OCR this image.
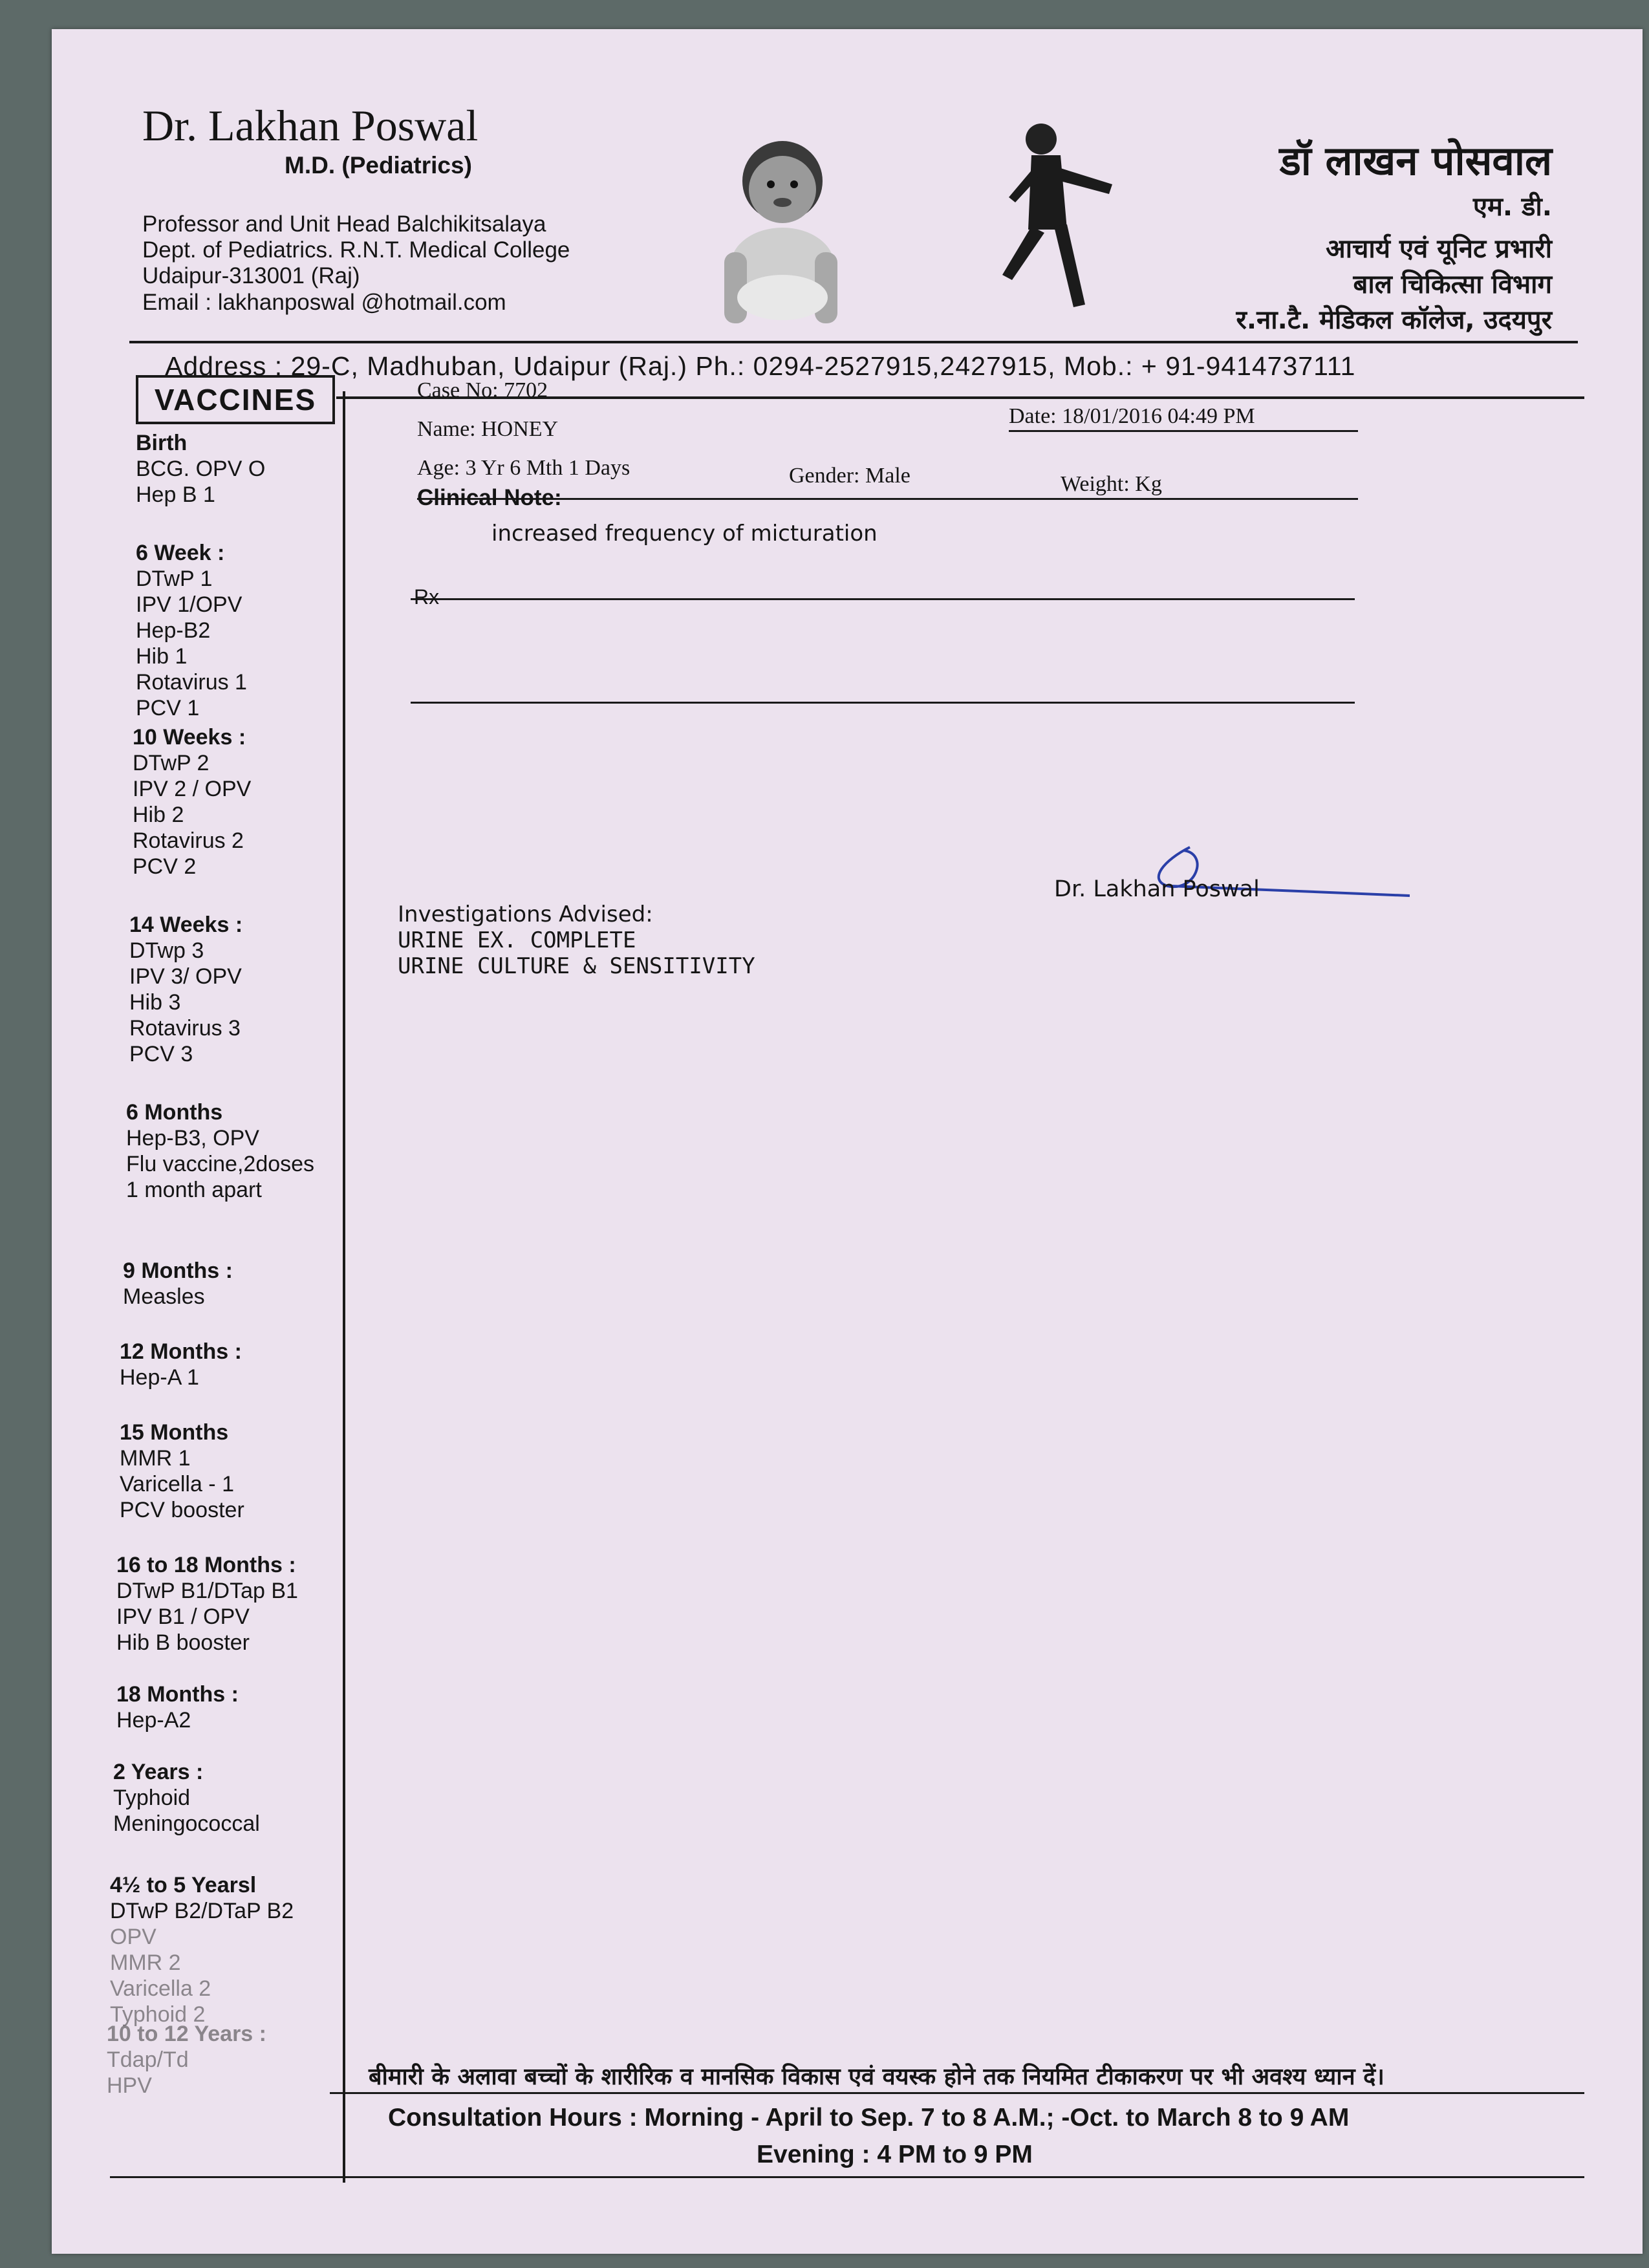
Dr. Lakhan Poswal
M.D. (Pediatrics)
Professor and Unit Head Balchikitsalaya
Dept. of Pediatrics. R.N.T. Medical College
Udaipur-313001 (Raj)
Email : lakhanposwal @hotmail.com
डॉ लाखन पोसवाल
एम. डी.
आचार्य एवं यूनिट प्रभारी
बाल चिकित्सा विभाग
र.ना.टै. मेडिकल कॉलेज, उदयपुर
Address : 29-C, Madhuban, Udaipur (Raj.) Ph.: 0294-2527915,2427915, Mob.: + 91-9414737111
VACCINES
Birth
BCG. OPV O
Hep B 1
6 Week :
DTwP 1
IPV 1/OPV
Hep-B2
Hib 1
Rotavirus 1
PCV 1
10 Weeks :
DTwP 2
IPV 2 / OPV
Hib 2
Rotavirus 2
PCV 2
14 Weeks :
DTwp 3
IPV 3/ OPV
Hib 3
Rotavirus 3
PCV 3
6 Months
Hep-B3, OPV
Flu vaccine,2doses
1 month apart
9 Months :
Measles
12 Months :
Hep-A 1
15 Months
MMR 1
Varicella - 1
PCV booster
16 to 18 Months :
DTwP B1/DTap B1
IPV B1 / OPV
Hib B booster
18 Months :
Hep-A2
2 Years :
Typhoid
Meningococcal
4½ to 5 Yearsl
DTwP B2/DTaP B2
OPV
MMR 2
Varicella 2
Typhoid 2
10 to 12 Years :
Tdap/Td
HPV
Case No: 7702
Date: 18/01/2016 04:49 PM
Name: HONEY
Age: 3 Yr 6 Mth 1 Days	Gender: Male	Weight: Kg
Clinical Note:
increased frequency of micturation
Rx
Dr. Lakhan Poswal
Investigations Advised:
URINE EX. COMPLETE
URINE CULTURE & SENSITIVITY
बीमारी के अलावा बच्चों के शारीरिक व मानसिक विकास एवं वयस्क होने तक नियमित टीकाकरण पर भी अवश्य ध्यान दें।
Consultation Hours : Morning - April to Sep. 7 to 8 A.M.; -Oct. to March 8 to 9 AM
Evening : 4 PM to 9 PM
